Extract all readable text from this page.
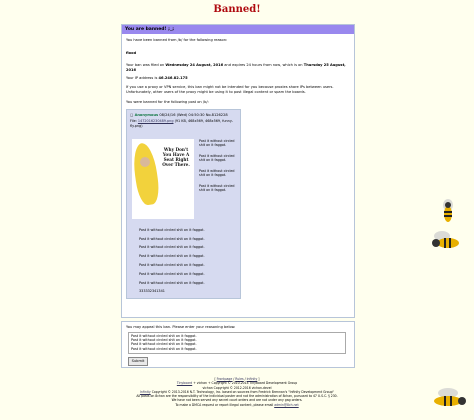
Banned!
You are banned! ;_;

You have been banned from /b/ for the following reason:

flood

Your ban was filed on Wednesday 24 August, 2016 and expires 24 hours from now, which is on Thursday 25 August, 2016

Your IP address is 46.246.82.175

If you use a proxy or VPN service, this ban might not be intended for you because proxies share IPs between users. Unfortunately, other users of the proxy might be using it to post illegal content or spam the boards.

You were banned for the following post on /b/:

▢ Anonymous 08/24/16 (Wed) 04:50:30 No.8126228
File: 1472016230489.png (91 KB, 468x569, 468x569, funny-fly.png)
Why Don't You Have A Seat Right Over There.
Post it without circled shit on it faggot.
Post it without circled shit on it faggot.
Post it without circled shit on it faggot.
Post it without circled shit on it faggot.
Post it without circled shit on it faggot.
Post it without circled shit on it faggot.
Post it without circled shit on it faggot.
Post it without circled shit on it faggot.
Post it without circled shit on it faggot.
Post it without circled shit on it faggot.
Post it without circled shit on it faggot.
333332341341
You may appeal this ban. Please enter your reasoning below.
Post it without circled shit on it faggot.
Post it without circled shit on it faggot.
Post it without circled shit on it faggot.
Post it without circled shit on it faggot.
Submit
[ Frontpage / Rules / Infinity ]
Tinyboard + vichan + Copyright © 2010-2014 Tinyboard Development Group
vichan Copyright © 2012-2016 vichan-devel
Infinity Copyright © 2013-2016 N.T. Technology, Inc. based on sources from Fredrick Brennan's "Infinity Development Group"
All posts on 8chan are the responsibility of the individual poster and not the administration of 8chan, pursuant to 47 U.S.C. § 230.
We have not been served any secret court orders and are not under any gag orders.
To make a DMCA request or report illegal content, please email admin@8ch.net
